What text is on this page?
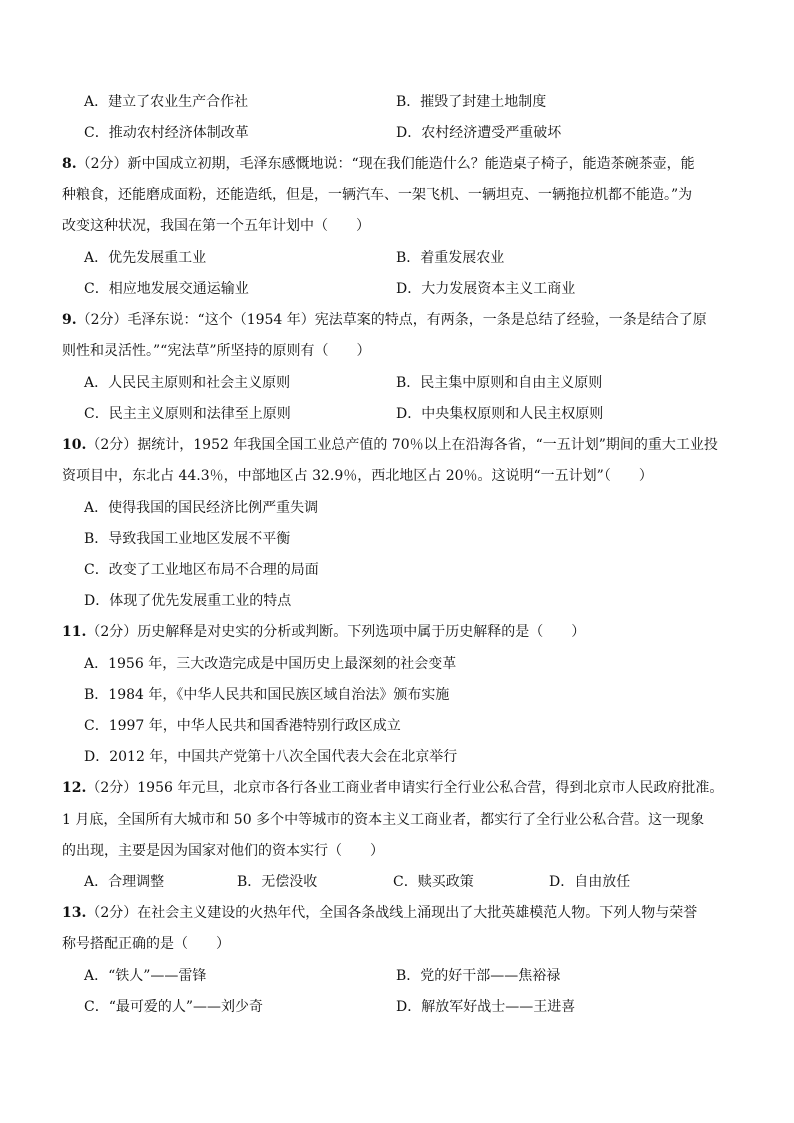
A．建立了农业生产合作社	B．摧毁了封建土地制度
C．推动农村经济体制改革	D．农村经济遭受严重破坏
8.（2分）新中国成立初期，毛泽东感慨地说：“现在我们能造什么？能造桌子椅子，能造茶碗茶壶，能
种粮食，还能磨成面粉，还能造纸，但是，一辆汽车、一架飞机、一辆坦克、一辆拖拉机都不能造。”为
改变这种状况，我国在第一个五年计划中（　　）
A．优先发展重工业	B．着重发展农业
C．相应地发展交通运输业	D．大力发展资本主义工商业
9.（2分）毛泽东说：“这个（1954 年）宪法草案的特点，有两条，一条是总结了经验，一条是结合了原
则性和灵活性。”“宪法草”所坚持的原则有（　　）
A．人民民主原则和社会主义原则	B．民主集中原则和自由主义原则
C．民主主义原则和法律至上原则	D．中央集权原则和人民主权原则
10.（2分）据统计，1952 年我国全国工业总产值的 70％以上在沿海各省，“一五计划”期间的重大工业投
资项目中，东北占 44.3％，中部地区占 32.9％，西北地区占 20％。这说明“一五计划”（　　）
A．使得我国的国民经济比例严重失调
B．导致我国工业地区发展不平衡
C．改变了工业地区布局不合理的局面
D．体现了优先发展重工业的特点
11.（2分）历史解释是对史实的分析或判断。下列选项中属于历史解释的是（　　）
A．1956 年，三大改造完成是中国历史上最深刻的社会变革
B．1984 年，《中华人民共和国民族区域自治法》颁布实施
C．1997 年，中华人民共和国香港特别行政区成立
D．2012 年，中国共产党第十八次全国代表大会在北京举行
12.（2分）1956 年元旦，北京市各行各业工商业者申请实行全行业公私合营，得到北京市人民政府批准。
1 月底，全国所有大城市和 50 多个中等城市的资本主义工商业者，都实行了全行业公私合营。这一现象
的出现，主要是因为国家对他们的资本实行（　　）
A．合理调整	B．无偿没收	C．赎买政策	D．自由放任
13.（2分）在社会主义建设的火热年代，全国各条战线上涌现出了大批英雄模范人物。下列人物与荣誉
称号搭配正确的是（　　）
A．“铁人”——雷锋	B．党的好干部——焦裕禄
C．“最可爱的人”——刘少奇	D．解放军好战士——王进喜
